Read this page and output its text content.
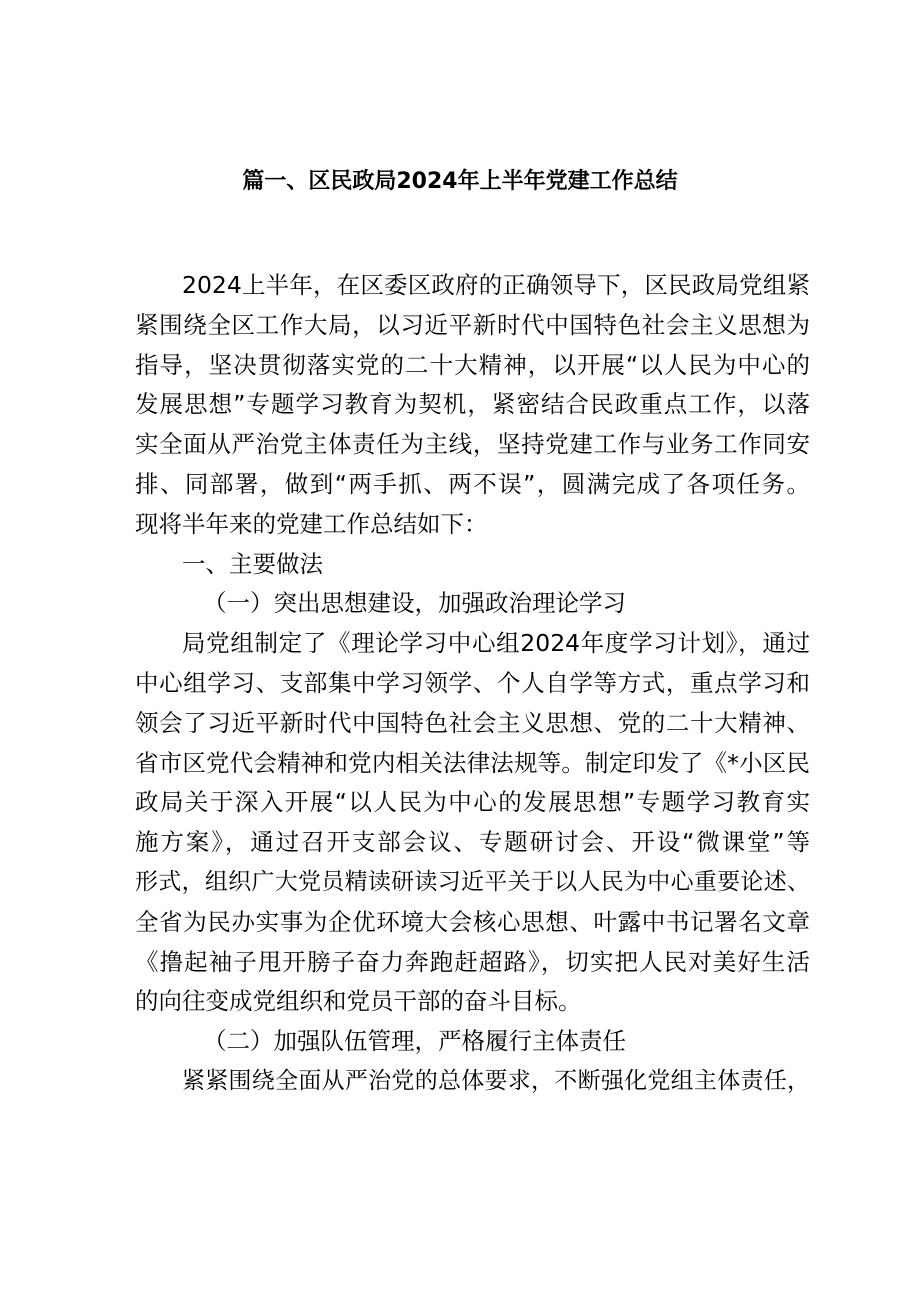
篇一、区民政局2024年上半年党建工作总结
2024上半年，在区委区政府的正确领导下，区民政局党组紧
紧围绕全区工作大局，以习近平新时代中国特色社会主义思想为
指导，坚决贯彻落实党的二十大精神，以开展“以人民为中心的
发展思想”专题学习教育为契机，紧密结合民政重点工作，以落
实全面从严治党主体责任为主线，坚持党建工作与业务工作同安
排、同部署，做到“两手抓、两不误”，圆满完成了各项任务。
现将半年来的党建工作总结如下：
一、主要做法
（一）突出思想建设，加强政治理论学习
局党组制定了《理论学习中心组2024年度学习计划》，通过
中心组学习、支部集中学习领学、个人自学等方式，重点学习和
领会了习近平新时代中国特色社会主义思想、党的二十大精神、
省市区党代会精神和党内相关法律法规等。制定印发了《*小区民
政局关于深入开展“以人民为中心的发展思想”专题学习教育实
施方案》，通过召开支部会议、专题研讨会、开设“微课堂”等
形式，组织广大党员精读研读习近平关于以人民为中心重要论述、
全省为民办实事为企优环境大会核心思想、叶露中书记署名文章
《撸起袖子甩开膀子奋力奔跑赶超路》，切实把人民对美好生活
的向往变成党组织和党员干部的奋斗目标。
（二）加强队伍管理，严格履行主体责任
紧紧围绕全面从严治党的总体要求，不断强化党组主体责任，
